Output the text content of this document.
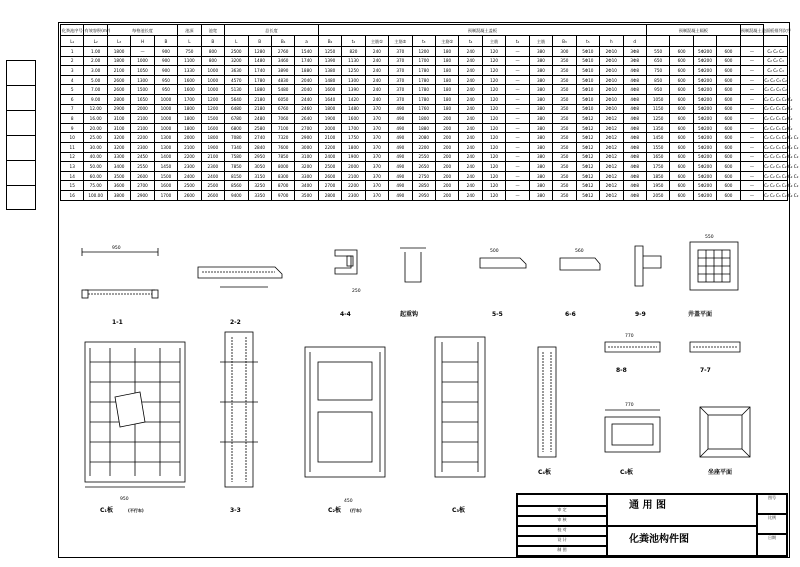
化粪池序号	有效容积(m³)	每格池长度			池深	池宽	总长度				预制混凝土盖板														预制混凝土隔板				预制混凝土池面板排列次序	
L₁	L₂	L₃	H	B	L	B	L	B	B₁	a	B₂	t₂	主筋①	主筋②	t₃	主筋①	t₄	主筋	t₄	主筋	B₃	t₅	h	d						
1	1.00	1800	—	900	750	800	2500	1280	2760	1540	1250	820	240	370	1200	180	240	120	—	380	300	5Φ10	2Φ10	3Φ8	550	600	5Φ200	600	—	C₂ C₂ C₂
2	2.00	1800	1000	900	1100	800	3200	1480	3460	1740	1390	1130	240	370	1700	180	240	120	—	380	350	5Φ10	2Φ10	3Φ8	650	600	5Φ200	600	—	C₂ C₂ C₃
3	3.00	2100	1050	900	1330	1000	3630	1740	3890	1880	1380	1250	240	370	1780	180	240	120	—	380	350	5Φ10	2Φ10	4Φ8	750	600	5Φ200	600	—	C₂ C₂ C₃
4	5.00	2600	1300	950	1600	1000	4570	1780	4830	2040	1480	1300	240	370	1780	180	240	120	—	380	350	5Φ10	2Φ10	4Φ8	850	600	5Φ200	600	—	C₂ C₂ C₃ C₂
5	7.00	2600	1500	950	1600	1000	5130	1880	5480	2040	1600	1390	240	370	1780	180	240	120	—	380	350	5Φ10	2Φ10	4Φ8	950	600	5Φ200	600	—	C₂ C₂ C₃ C₂
6	9.00	2800	1650	1000	1700	1200	5640	2180	6050	2440	1640	1420	240	370	1780	180	240	120	—	380	350	5Φ10	2Φ10	4Φ8	1050	600	5Φ200	600	—	C₂ C₂ C₃ C₂ C₂
7	12.00	2900	2000	1000	1800	1200	6480	2180	6760	2460	1800	1480	370	490	1760	180	240	120	—	380	350	5Φ10	2Φ10	4Φ8	1150	600	5Φ200	600	—	C₂ C₂ C₃ C₂ C₂
8	16.00	3100	2100	1000	1800	1500	6780	2480	7060	2640	1900	1600	370	490	1800	200	240	120	—	380	350	5Φ12	2Φ12	4Φ8	1250	600	5Φ200	600	—	C₂ C₂ C₃ C₂ C₂
9	20.00	3100	2100	1000	1800	1600	6800	2580	7100	2700	2000	1700	370	490	1880	200	240	120	—	380	350	5Φ12	2Φ12	4Φ8	1350	600	5Φ200	600	—	C₂ C₂ C₃ C₂ C₂
10	25.00	3200	2200	1300	2000	1800	7080	2740	7320	2900	2100	1750	370	490	2080	200	240	120	—	380	350	5Φ12	2Φ12	4Φ8	1450	600	5Φ200	600	—	C₂ C₂ C₃ C₂ C₂ C₂
11	30.00	3200	2300	1300	2100	1900	7340	2840	7600	3000	2200	1800	370	490	2200	200	240	120	—	380	350	5Φ12	2Φ12	4Φ8	1550	600	5Φ200	600	—	C₂ C₂ C₃ C₂ C₂ C₂
12	40.00	3300	2450	1400	2200	2100	7580	2950	7850	3100	2400	1900	370	490	2550	200	240	120	—	380	350	5Φ12	2Φ12	4Φ8	1650	600	5Φ200	600	—	C₂ C₂ C₃ C₂ C₂ C₂
13	50.00	3400	2550	1450	2300	2300	7850	3050	8000	3200	2500	2000	370	490	2650	200	240	120	—	380	350	5Φ12	2Φ12	4Φ8	1750	600	5Φ200	600	—	C₂ C₂ C₃ C₂ C₂ C₂
14	60.00	3500	2600	1500	2400	2400	8150	3150	8300	3300	2600	2100	370	490	2750	200	240	120	—	380	350	5Φ12	2Φ12	4Φ8	1850	600	5Φ200	600	—	C₂ C₂ C₃ C₂ C₂ C₂
15	75.00	3600	2700	1600	2500	2500	8560	3250	8700	3400	2700	2200	370	490	2850	200	240	120	—	380	350	5Φ12	2Φ12	4Φ8	1950	600	5Φ200	600	—	C₂ C₂ C₃ C₂ C₂ C₂
16	100.00	3800	2900	1700	2600	2600	9400	3350	9700	3500	2800	2300	370	490	2950	200	240	120	—	380	350	5Φ12	2Φ12	4Φ8	2050	600	5Φ200	600	—	C₂ C₂ C₃ C₂ C₂ C₂
1-1	2-2
4-4	起重钩	5-5	6-6	9-9	井盖平面
8-8	7-7
C₁板	(不行车)	3-3	C₂板 (行车)	C₃板
C₄板	C₅板	坐座平面
950
950
500	560
550
770
770
450
250
审 定
审 核
校 对
设 计
制 图
通 用 图
化粪池构件图
图号
比例
日期
